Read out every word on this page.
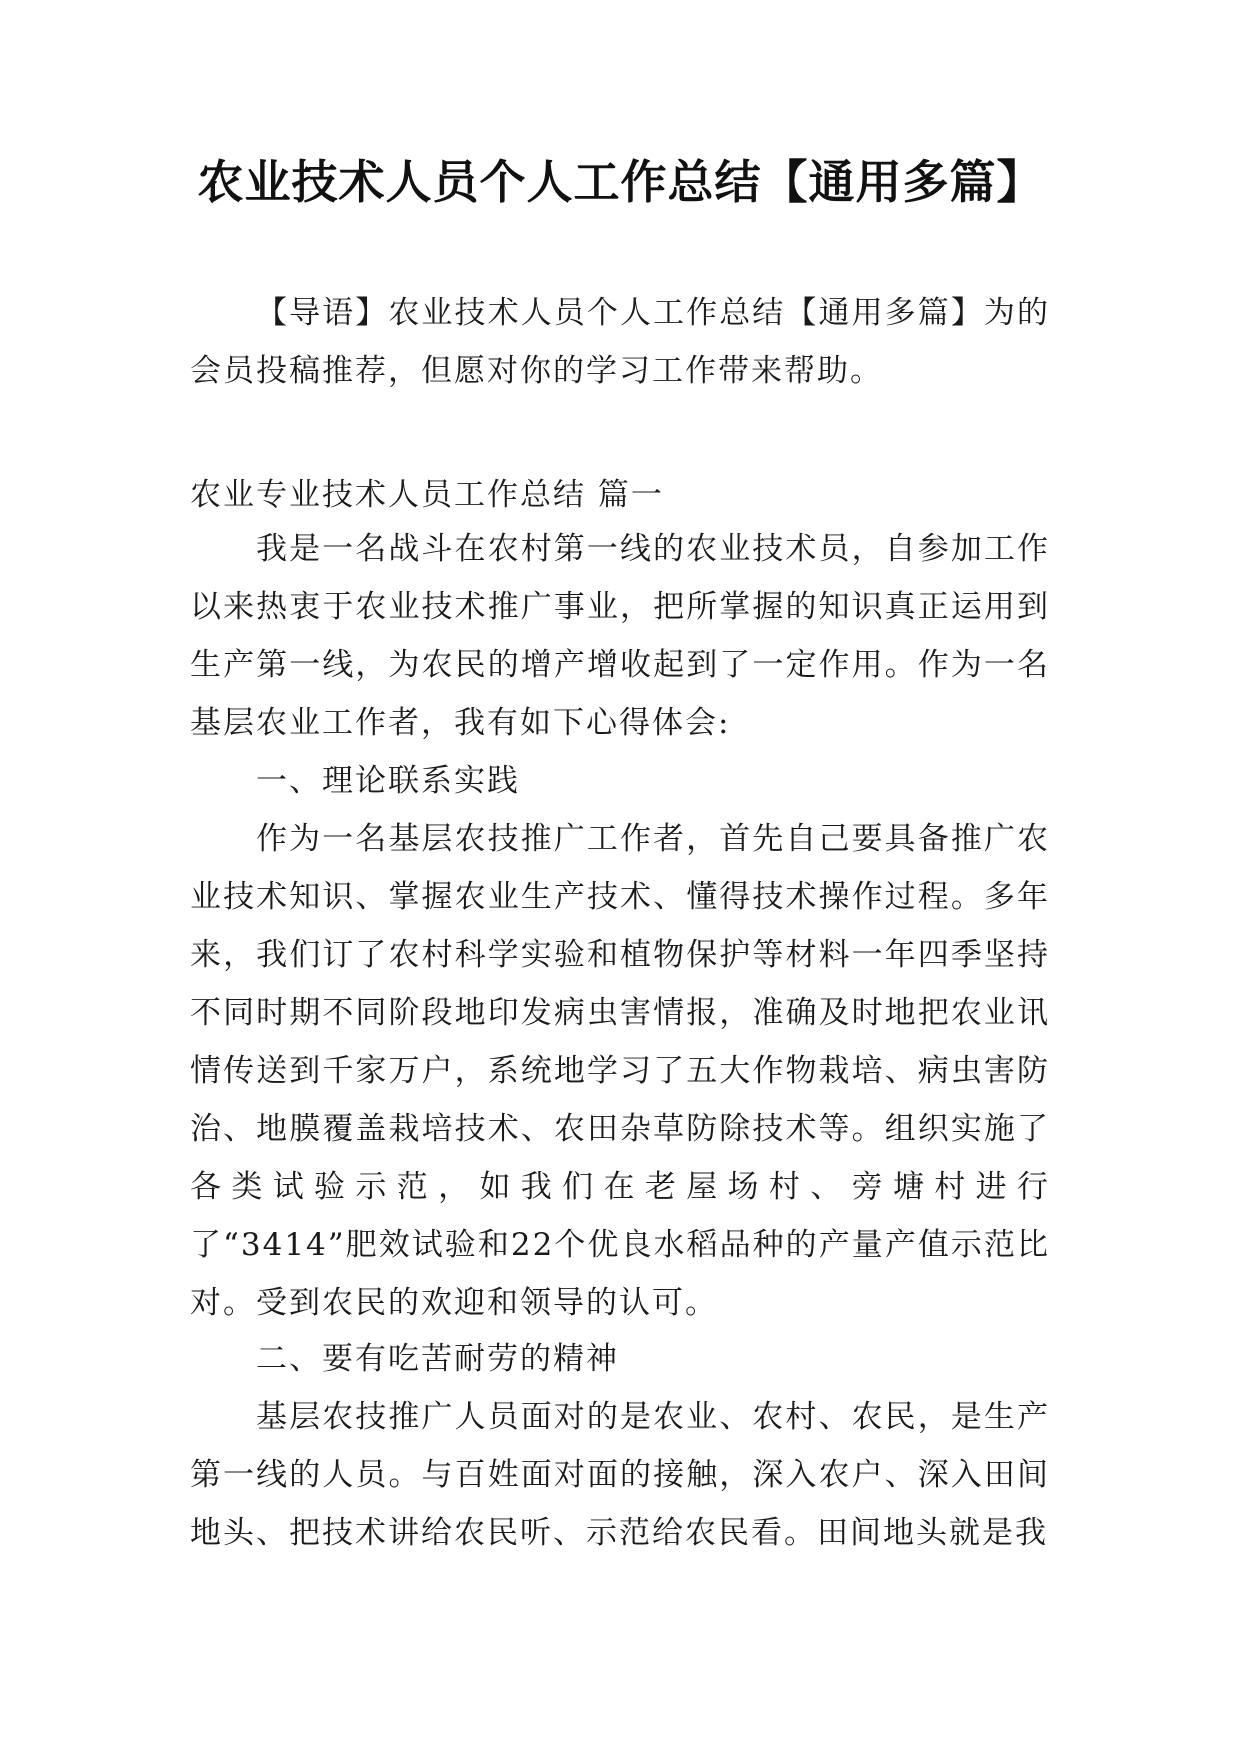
农业技术人员个人工作总结【通用多篇】

【导语】农业技术人员个人工作总结【通用多篇】为的会员投稿推荐，但愿对你的学习工作带来帮助。

农业专业技术人员工作总结 篇一

我是一名战斗在农村第一线的农业技术员，自参加工作以来热衷于农业技术推广事业，把所掌握的知识真正运用到生产第一线，为农民的增产增收起到了一定作用。作为一名基层农业工作者，我有如下心得体会:

一、理论联系实践

作为一名基层农技推广工作者，首先自己要具备推广农业技术知识、掌握农业生产技术、懂得技术操作过程。多年来，我们订了农村科学实验和植物保护等材料一年四季坚持不同时期不同阶段地印发病虫害情报，准确及时地把农业讯情传送到千家万户，系统地学习了五大作物栽培、病虫害防治、地膜覆盖栽培技术、农田杂草防除技术等。组织实施了各类试验示范，如我们在老屋场村、旁塘村进行了“3414”肥效试验和22个优良水稻品种的产量产值示范比对。受到农民的欢迎和领导的认可。

二、要有吃苦耐劳的精神

基层农技推广人员面对的是农业、农村、农民，是生产第一线的人员。与百姓面对面的接触，深入农户、深入田间地头、把技术讲给农民听、示范给农民看。田间地头就是我
